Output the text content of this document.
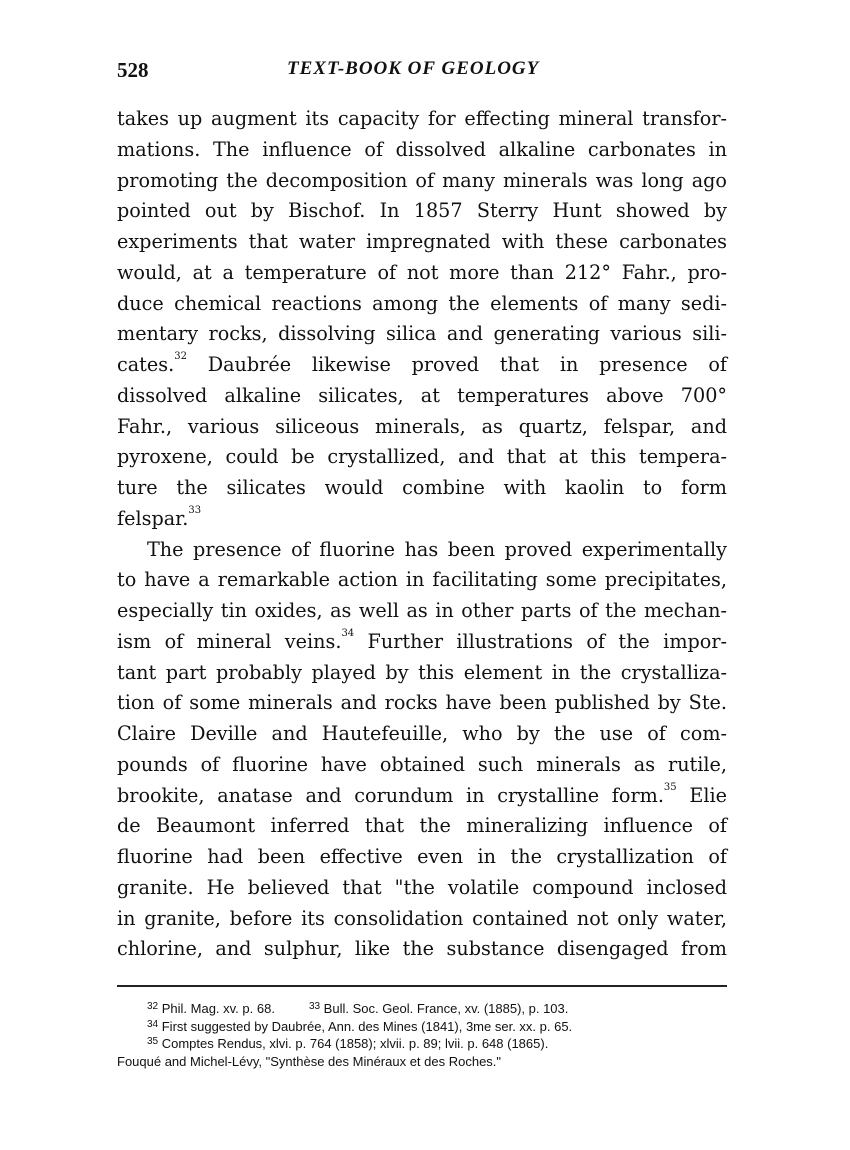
528	TEXT-BOOK OF GEOLOGY
takes up augment its capacity for effecting mineral transfor-
mations. The influence of dissolved alkaline carbonates in
promoting the decomposition of many minerals was long ago
pointed out by Bischof. In 1857 Sterry Hunt showed by
experiments that water impregnated with these carbonates
would, at a temperature of not more than 212° Fahr., pro-
duce chemical reactions among the elements of many sedi-
mentary rocks, dissolving silica and generating various sili-
cates.$^{32}$ Daubrée likewise proved that in presence of
dissolved alkaline silicates, at temperatures above 700°
Fahr., various siliceous minerals, as quartz, felspar, and
pyroxene, could be crystallized, and that at this tempera-
ture the silicates would combine with kaolin to form
felspar.$^{33}$
The presence of fluorine has been proved experimentally
to have a remarkable action in facilitating some precipitates,
especially tin oxides, as well as in other parts of the mechan-
ism of mineral veins.$^{34}$ Further illustrations of the impor-
tant part probably played by this element in the crystalliza-
tion of some minerals and rocks have been published by Ste.
Claire Deville and Hautefeuille, who by the use of com-
pounds of fluorine have obtained such minerals as rutile,
brookite, anatase and corundum in crystalline form.$^{35}$ Elie
de Beaumont inferred that the mineralizing influence of
fluorine had been effective even in the crystallization of
granite. He believed that "the volatile compound inclosed
in granite, before its consolidation contained not only water,
chlorine, and sulphur, like the substance disengaged from
$^{32}$ Phil. Mag. xv. p. 68.	$^{33}$ Bull. Soc. Geol. France, xv. (1885), p. 103.
$^{34}$ First suggested by Daubrée, Ann. des Mines (1841), 3me ser. xx. p. 65.
$^{35}$ Comptes Rendus, xlvi. p. 764 (1858); xlvii. p. 89; lvii. p. 648 (1865).
Fouqué and Michel-Lévy, "Synthèse des Minéraux et des Roches."
